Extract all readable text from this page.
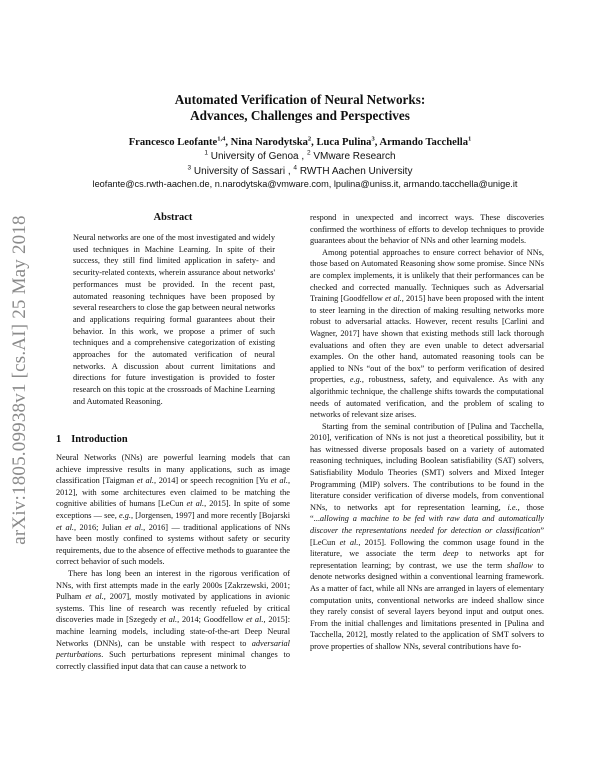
arXiv:1805.09938v1 [cs.AI] 25 May 2018
Automated Verification of Neural Networks:
Advances, Challenges and Perspectives
Francesco Leofante$^{1,4}$, Nina Narodytska$^2$, Luca Pulina$^3$, Armando Tacchella$^1$
$^1$ University of Genoa , $^2$ VMware Research
$^3$ University of Sassari , $^4$ RWTH Aachen University
leofante@cs.rwth-aachen.de, n.narodytska@vmware.com, lpulina@uniss.it, armando.tacchella@unige.it
Abstract

Neural networks are one of the most investigated and widely used techniques in Machine Learning. In spite of their success, they still find limited application in safety- and security-related contexts, wherein assurance about networks' performances must be provided. In the recent past, automated reasoning techniques have been proposed by several researchers to close the gap between neural networks and applications requiring formal guarantees about their behavior. In this work, we propose a primer of such techniques and a comprehensive categorization of existing approaches for the automated verification of neural networks. A discussion about current limitations and directions for future investigation is provided to foster research on this topic at the crossroads of Machine Learning and Automated Reasoning.

1 Introduction

Neural Networks (NNs) are powerful learning models that can achieve impressive results in many applications, such as image classification [Taigman et al., 2014] or speech recognition [Yu et al., 2012], with some architectures even claimed to be matching the cognitive abilities of humans [LeCun et al., 2015]. In spite of some exceptions — see, e.g., [Jorgensen, 1997] and more recently [Bojarski et al., 2016; Julian et al., 2016] — traditional applications of NNs have been mostly confined to systems without safety or security requirements, due to the absence of effective methods to guarantee the correct behavior of such models.

There has long been an interest in the rigorous verification of NNs, with first attempts made in the early 2000s [Zakrzewski, 2001; Pulham et al., 2007], mostly motivated by applications in avionic systems. This line of research was recently refueled by critical discoveries made in [Szegedy et al., 2014; Goodfellow et al., 2015]: machine learning models, including state-of-the-art Deep Neural Networks (DNNs), can be unstable with respect to adversarial perturbations. Such perturbations represent minimal changes to correctly classified input data that can cause a network to

respond in unexpected and incorrect ways. These discoveries confirmed the worthiness of efforts to develop techniques to provide guarantees about the behavior of NNs and other learning models.

Among potential approaches to ensure correct behavior of NNs, those based on Automated Reasoning show some promise. Since NNs are complex implements, it is unlikely that their performances can be checked and corrected manually. Techniques such as Adversarial Training [Goodfellow et al., 2015] have been proposed with the intent to steer learning in the direction of making resulting networks more robust to adversarial attacks. However, recent results [Carlini and Wagner, 2017] have shown that existing methods still lack thorough evaluations and often they are even unable to detect adversarial examples. On the other hand, automated reasoning tools can be applied to NNs “out of the box” to perform verification of desired properties, e.g., robustness, safety, and equivalence. As with any algorithmic technique, the challenge shifts towards the computational needs of automated verification, and the problem of scaling to networks of relevant size arises.

Starting from the seminal contribution of [Pulina and Tacchella, 2010], verification of NNs is not just a theoretical possibility, but it has witnessed diverse proposals based on a variety of automated reasoning techniques, including Boolean satisfiability (SAT) solvers, Satisfiability Modulo Theories (SMT) solvers and Mixed Integer Programming (MIP) solvers. The contributions to be found in the literature consider verification of diverse models, from conventional NNs, to networks apt for representation learning, i.e., those “...allowing a machine to be fed with raw data and automatically discover the representations needed for detection or classification” [LeCun et al., 2015]. Following the common usage found in the literature, we associate the term deep to networks apt for representation learning; by contrast, we use the term shallow to denote networks designed within a conventional learning framework. As a matter of fact, while all NNs are arranged in layers of elementary computation units, conventional networks are indeed shallow since they rarely consist of several layers beyond input and output ones. From the initial challenges and limitations presented in [Pulina and Tacchella, 2012], mostly related to the application of SMT solvers to prove properties of shallow NNs, several contributions have fo-
